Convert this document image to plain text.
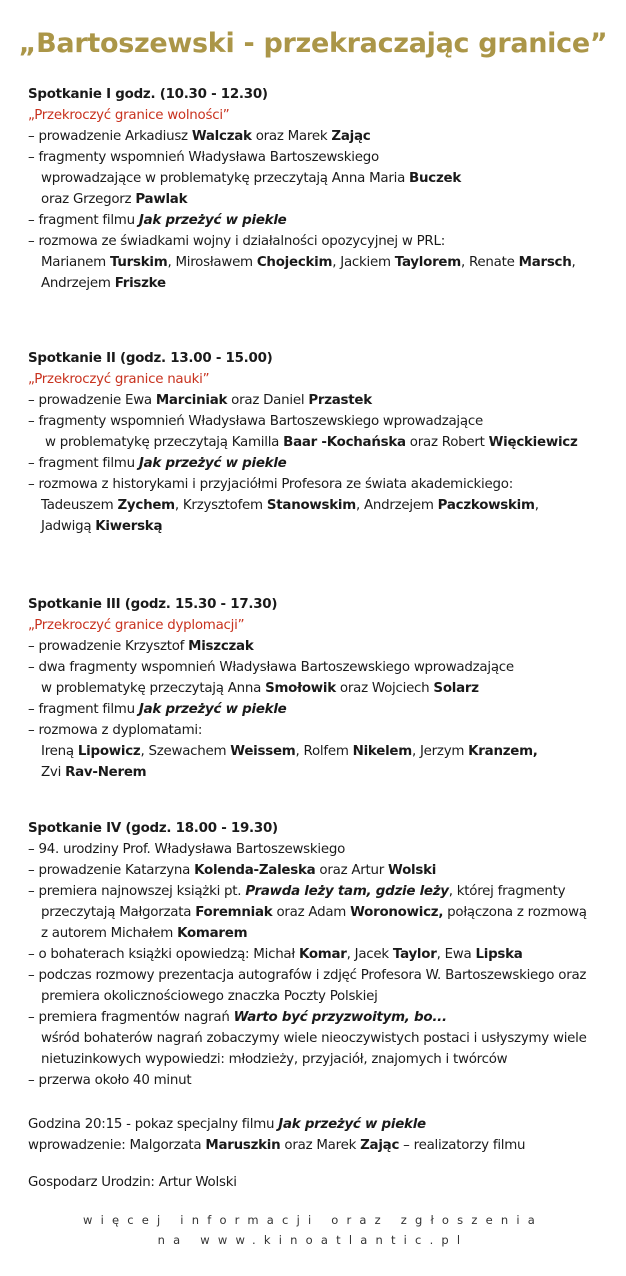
„Bartoszewski - przekraczając granice”
Spotkanie I godz. (10.30 - 12.30)
„Przekroczyć granice wolności”
– prowadzenie Arkadiusz Walczak oraz Marek Zając
– fragmenty wspomnień Władysława Bartoszewskiego
wprowadzające w problematykę przeczytają Anna Maria Buczek
oraz Grzegorz Pawlak
– fragment filmu Jak przeżyć w piekle
– rozmowa ze świadkami wojny i działalności opozycyjnej w PRL:
Marianem Turskim, Mirosławem Chojeckim, Jackiem Taylorem, Renate Marsch,
Andrzejem Friszke
Spotkanie II (godz. 13.00 - 15.00)
„Przekroczyć granice nauki”
– prowadzenie Ewa Marciniak oraz Daniel Przastek
– fragmenty wspomnień Władysława Bartoszewskiego wprowadzające
w problematykę przeczytają Kamilla Baar -Kochańska oraz Robert Więckiewicz
– fragment filmu Jak przeżyć w piekle
– rozmowa z historykami i przyjaciółmi Profesora ze świata akademickiego:
Tadeuszem Zychem, Krzysztofem Stanowskim, Andrzejem Paczkowskim,
Jadwigą Kiwerską
Spotkanie III (godz. 15.30 - 17.30)
„Przekroczyć granice dyplomacji”
– prowadzenie Krzysztof Miszczak
– dwa fragmenty wspomnień Władysława Bartoszewskiego wprowadzające
w problematykę przeczytają Anna Smołowik oraz Wojciech Solarz
– fragment filmu Jak przeżyć w piekle
– rozmowa z dyplomatami:
Ireną Lipowicz, Szewachem Weissem, Rolfem Nikelem, Jerzym Kranzem,
Zvi Rav-Nerem
Spotkanie IV (godz. 18.00 - 19.30)
– 94. urodziny Prof. Władysława Bartoszewskiego
– prowadzenie Katarzyna Kolenda-Zaleska oraz Artur Wolski
– premiera najnowszej książki pt. Prawda leży tam, gdzie leży, której fragmenty
przeczytają Małgorzata Foremniak oraz Adam Woronowicz, połączona z rozmową
z autorem Michałem Komarem
– o bohaterach książki opowiedzą: Michał Komar, Jacek Taylor, Ewa Lipska
– podczas rozmowy prezentacja autografów i zdjęć Profesora W. Bartoszewskiego oraz
premiera okolicznościowego znaczka Poczty Polskiej
– premiera fragmentów nagrań Warto być przyzwoitym, bo...
wśród bohaterów nagrań zobaczymy wiele nieoczywistych postaci i usłyszymy wiele
nietuzinkowych wypowiedzi: młodzieży, przyjaciół, znajomych i twórców
– przerwa około 40 minut
Godzina 20:15 - pokaz specjalny filmu Jak przeżyć w piekle
wprowadzenie: Malgorzata Maruszkin oraz Marek Zając – realizatorzy filmu
Gospodarz Urodzin: Artur Wolski
więcej informacji oraz zgłoszenia
na www.kinoatlantic.pl
